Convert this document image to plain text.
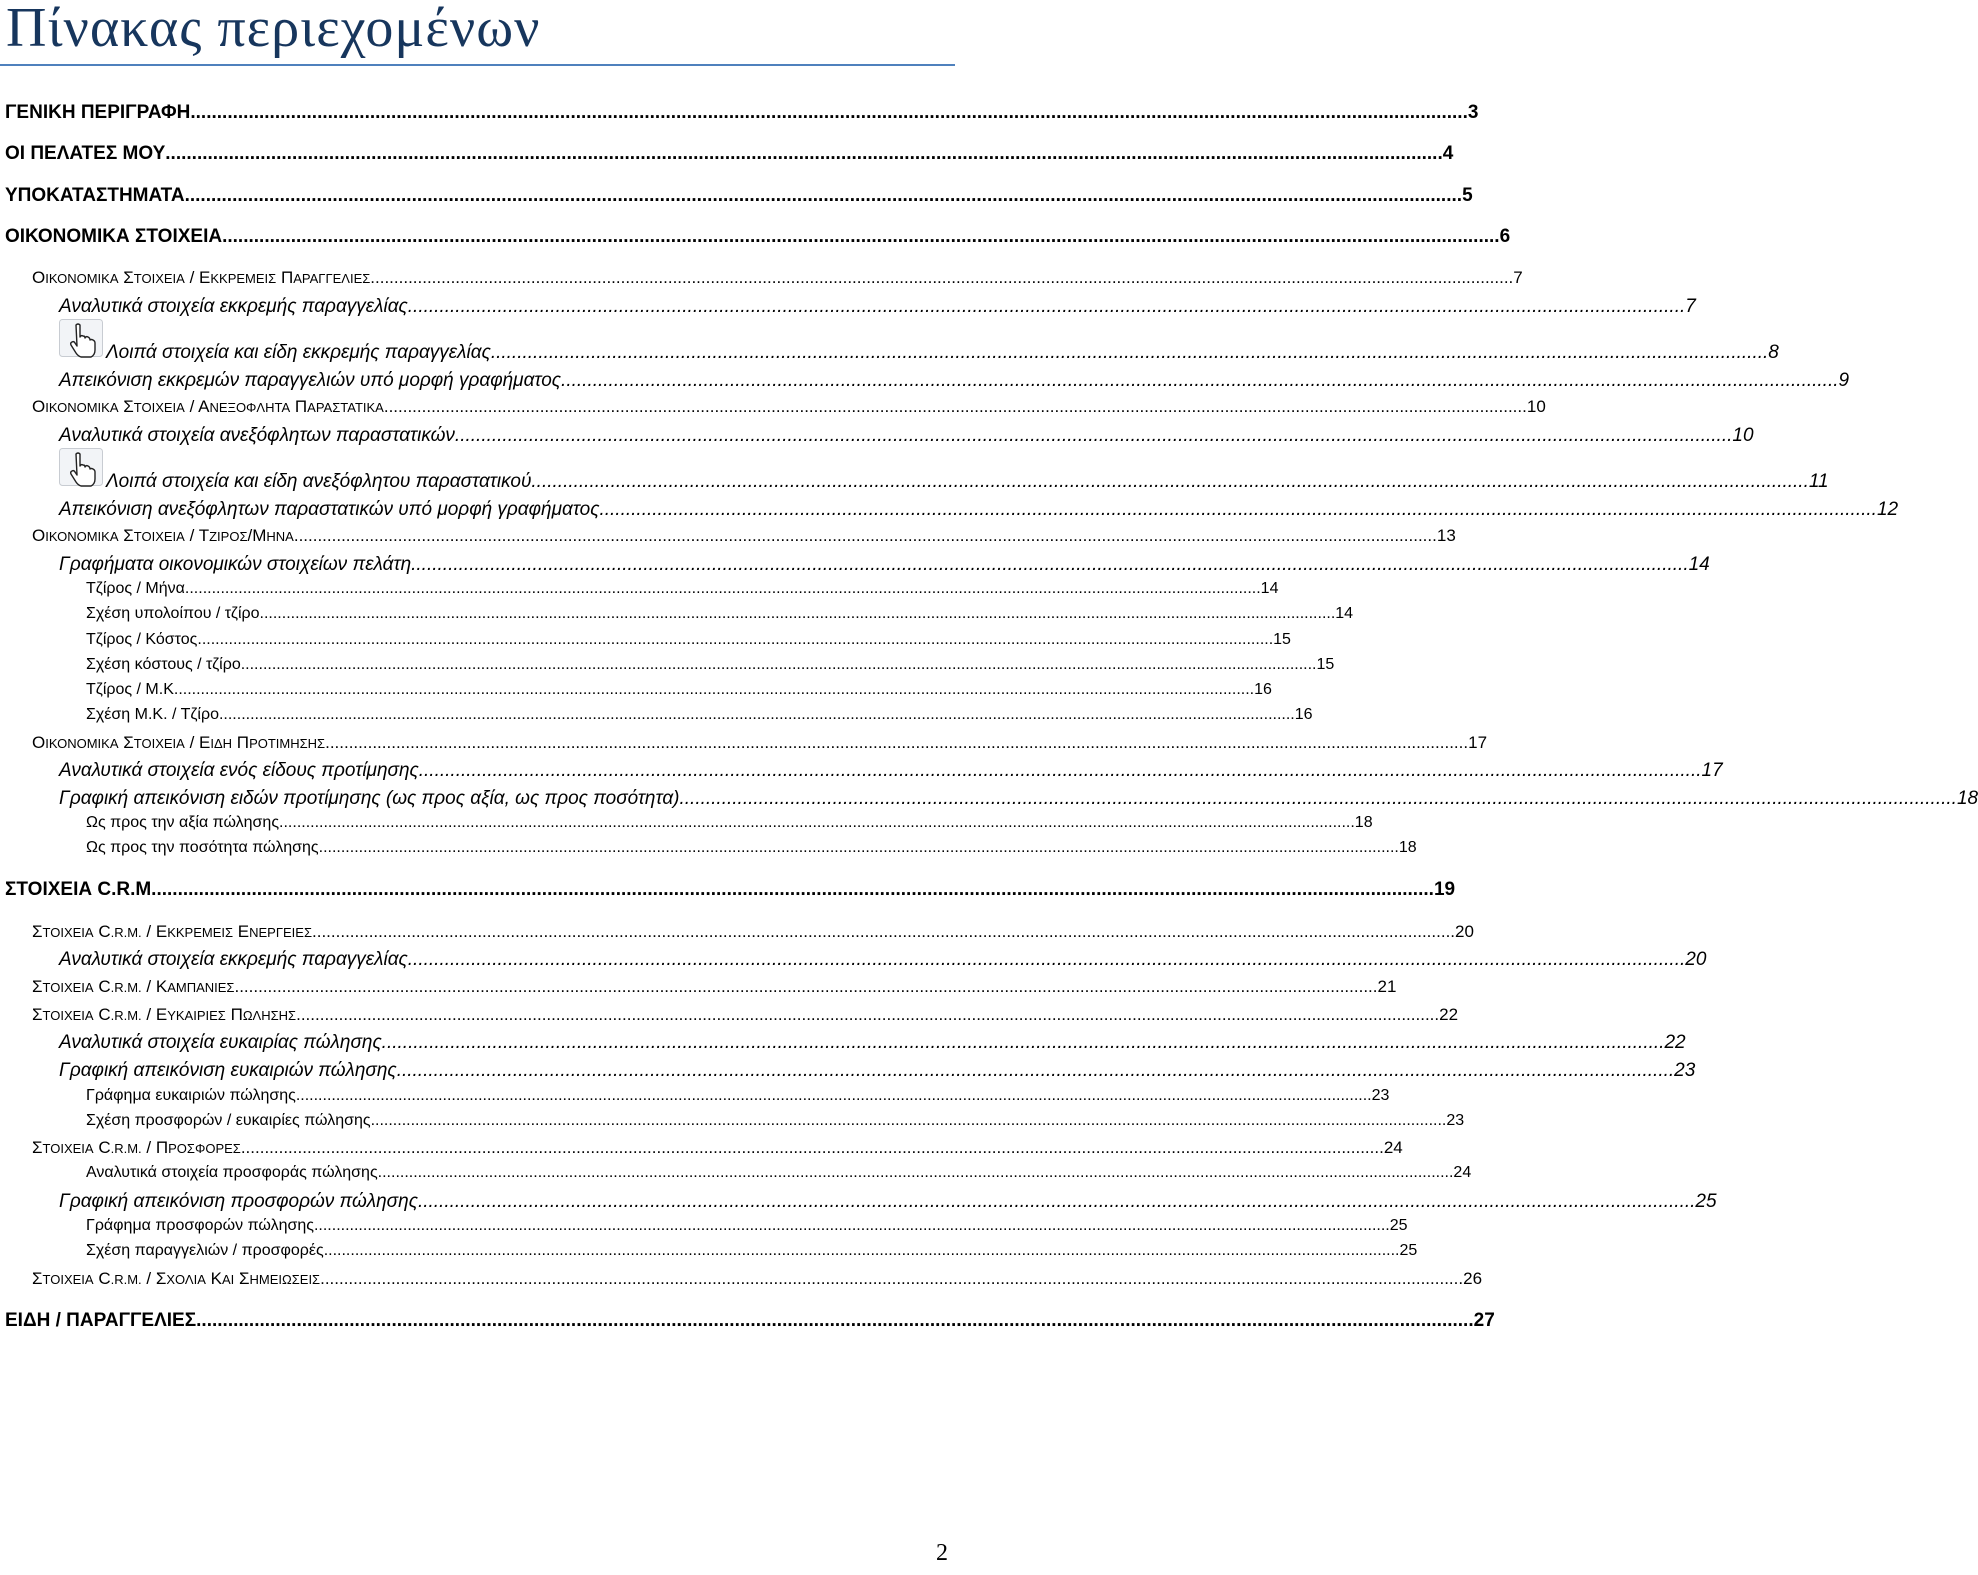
Πίνακας περιεχομένων
ΓΕΝΙΚΗ ΠΕΡΙΓΡΑΦΗ .................................................................................................................................................................................................................................................. 3
ΟΙ ΠΕΛΑΤΕΣ ΜΟΥ .................................................................................................................................................................................................................................................. 4
ΥΠΟΚΑΤΑΣΤΗΜΑΤΑ .................................................................................................................................................................................................................................................. 5
ΟΙΚΟΝΟΜΙΚΑ ΣΤΟΙΧΕΙΑ .................................................................................................................................................................................................................................................. 6
ΟΙΚΟΝΟΜΙΚΑ ΣΤΟΙΧΕΙΑ / ΕΚΚΡΕΜΕΙΣ ΠΑΡΑΓΓΕΛΙΕΣ .................................................................................................................................................................................................................................................. 7
Αναλυτικά στοιχεία εκκρεμής παραγγελίας .................................................................................................................................................................................................................................................. 7
Λοιπά στοιχεία και είδη εκκρεμής παραγγελίας .................................................................................................................................................................................................................................................. 8
Απεικόνιση εκκρεμών παραγγελιών υπό μορφή γραφήματος .................................................................................................................................................................................................................................................. 9
ΟΙΚΟΝΟΜΙΚΑ ΣΤΟΙΧΕΙΑ / ΑΝΕΞΟΦΛΗΤΑ ΠΑΡΑΣΤΑΤΙΚΑ .................................................................................................................................................................................................................................................. 10
Αναλυτικά στοιχεία ανεξόφλητων παραστατικών .................................................................................................................................................................................................................................................. 10
Λοιπά στοιχεία και είδη ανεξόφλητου παραστατικού .................................................................................................................................................................................................................................................. 11
Απεικόνιση ανεξόφλητων παραστατικών υπό μορφή γραφήματος .................................................................................................................................................................................................................................................. 12
ΟΙΚΟΝΟΜΙΚΑ ΣΤΟΙΧΕΙΑ / ΤΖΙΡΟΣ/ΜΗΝΑ .................................................................................................................................................................................................................................................. 13
Γραφήματα οικονομικών στοιχείων πελάτη .................................................................................................................................................................................................................................................. 14
Τζίρος / Μήνα .................................................................................................................................................................................................................................................. 14
Σχέση υπολοίπου / τζίρο .................................................................................................................................................................................................................................................. 14
Τζίρος / Κόστος .................................................................................................................................................................................................................................................. 15
Σχέση κόστους / τζίρο .................................................................................................................................................................................................................................................. 15
Τζίρος / Μ.Κ. .................................................................................................................................................................................................................................................. 16
Σχέση Μ.Κ. / Τζίρο .................................................................................................................................................................................................................................................. 16
ΟΙΚΟΝΟΜΙΚΑ ΣΤΟΙΧΕΙΑ / ΕΙΔΗ ΠΡΟΤΙΜΗΣΗΣ .................................................................................................................................................................................................................................................. 17
Αναλυτικά στοιχεία ενός είδους προτίμησης. .................................................................................................................................................................................................................................................. 17
Γραφική απεικόνιση ειδών προτίμησης (ως προς αξία, ως προς ποσότητα) .................................................................................................................................................................................................................................................. 18
Ως προς την αξία πώλησης .................................................................................................................................................................................................................................................. 18
Ως προς την ποσότητα πώλησης. .................................................................................................................................................................................................................................................. 18
ΣΤΟΙΧΕΙΑ C.R.M. .................................................................................................................................................................................................................................................. 19
ΣΤΟΙΧΕΙΑ C.R.M. / ΕΚΚΡΕΜΕΙΣ ΕΝΕΡΓΕΙΕΣ .................................................................................................................................................................................................................................................. 20
Αναλυτικά στοιχεία εκκρεμής παραγγελίας .................................................................................................................................................................................................................................................. 20
ΣΤΟΙΧΕΙΑ C.R.M. / ΚΑΜΠΑΝΙΕΣ .................................................................................................................................................................................................................................................. 21
ΣΤΟΙΧΕΙΑ C.R.M. / ΕΥΚΑΙΡΙΕΣ ΠΩΛΗΣΗΣ .................................................................................................................................................................................................................................................. 22
Αναλυτικά στοιχεία ευκαιρίας πώλησης. .................................................................................................................................................................................................................................................. 22
Γραφική απεικόνιση ευκαιριών πώλησης .................................................................................................................................................................................................................................................. 23
Γράφημα ευκαιριών πώλησης .................................................................................................................................................................................................................................................. 23
Σχέση προσφορών / ευκαιρίες πώλησης .................................................................................................................................................................................................................................................. 23
ΣΤΟΙΧΕΙΑ C.R.M. / ΠΡΟΣΦΟΡΕΣ .................................................................................................................................................................................................................................................. 24
Αναλυτικά στοιχεία προσφοράς πώλησης .................................................................................................................................................................................................................................................. 24
Γραφική απεικόνιση προσφορών πώλησης .................................................................................................................................................................................................................................................. 25
Γράφημα προσφορών πώλησης .................................................................................................................................................................................................................................................. 25
Σχέση παραγγελιών / προσφορές .................................................................................................................................................................................................................................................. 25
ΣΤΟΙΧΕΙΑ C.R.M. / ΣΧΟΛΙΑ ΚΑΙ ΣΗΜΕΙΩΣΕΙΣ .................................................................................................................................................................................................................................................. 26
ΕΙΔΗ / ΠΑΡΑΓΓΕΛΙΕΣ .................................................................................................................................................................................................................................................. 27
2
